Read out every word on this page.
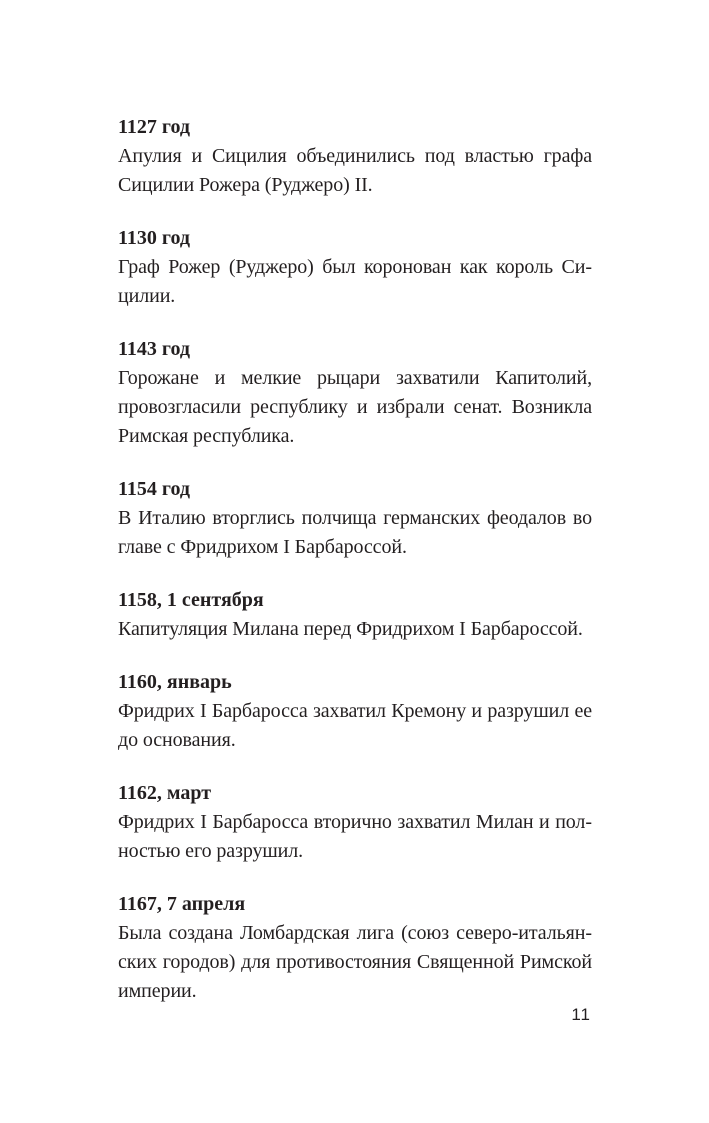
1127 год

Апулия и Сицилия объединились под властью графа Сицилии Рожера (Руджеро) II.

1130 год

Граф Рожер (Руджеро) был коронован как король Сицилии.

1143 год

Горожане и мелкие рыцари захватили Капитолий, провозгласили республику и избрали сенат. Возникла Римская республика.

1154 год

В Италию вторглись полчища германских феодалов во главе с Фридрихом I Барбароссой.

1158, 1 сентября

Капитуляция Милана перед Фридрихом I Барбароссой.

1160, январь

Фридрих I Барбаросса захватил Кремону и разрушил ее до основания.

1162, март

Фридрих I Барбаросса вторично захватил Милан и полностью его разрушил.

1167, 7 апреля

Была создана Ломбардская лига (союз северо-итальянских городов) для противостояния Священной Римской империи.

11
